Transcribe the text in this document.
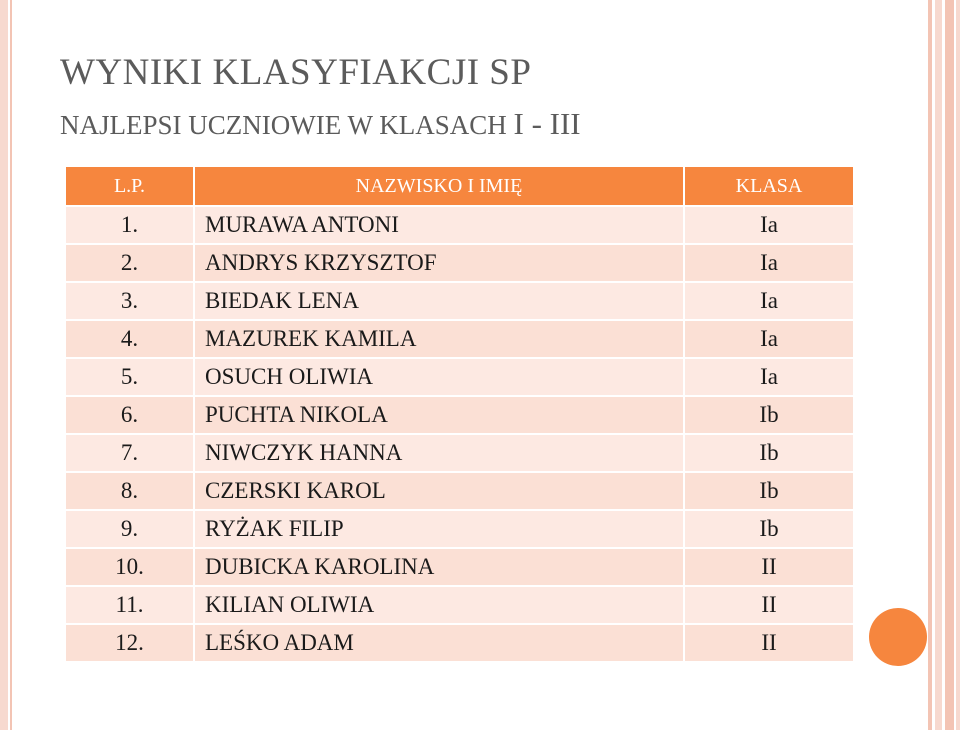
WYNIKI KLASYFIAKCJI SP
NAJLEPSI UCZNIOWIE W KLASACH I - III
L.P.	NAZWISKO I IMIĘ	KLASA
1.	MURAWA ANTONI	Ia
2.	ANDRYS KRZYSZTOF	Ia
3.	BIEDAK LENA	Ia
4.	MAZUREK KAMILA	Ia
5.	OSUCH OLIWIA	Ia
6.	PUCHTA NIKOLA	Ib
7.	NIWCZYK HANNA	Ib
8.	CZERSKI KAROL	Ib
9.	RYŻAK FILIP	Ib
10.	DUBICKA KAROLINA	II
11.	KILIAN OLIWIA	II
12.	LEŚKO ADAM	II
